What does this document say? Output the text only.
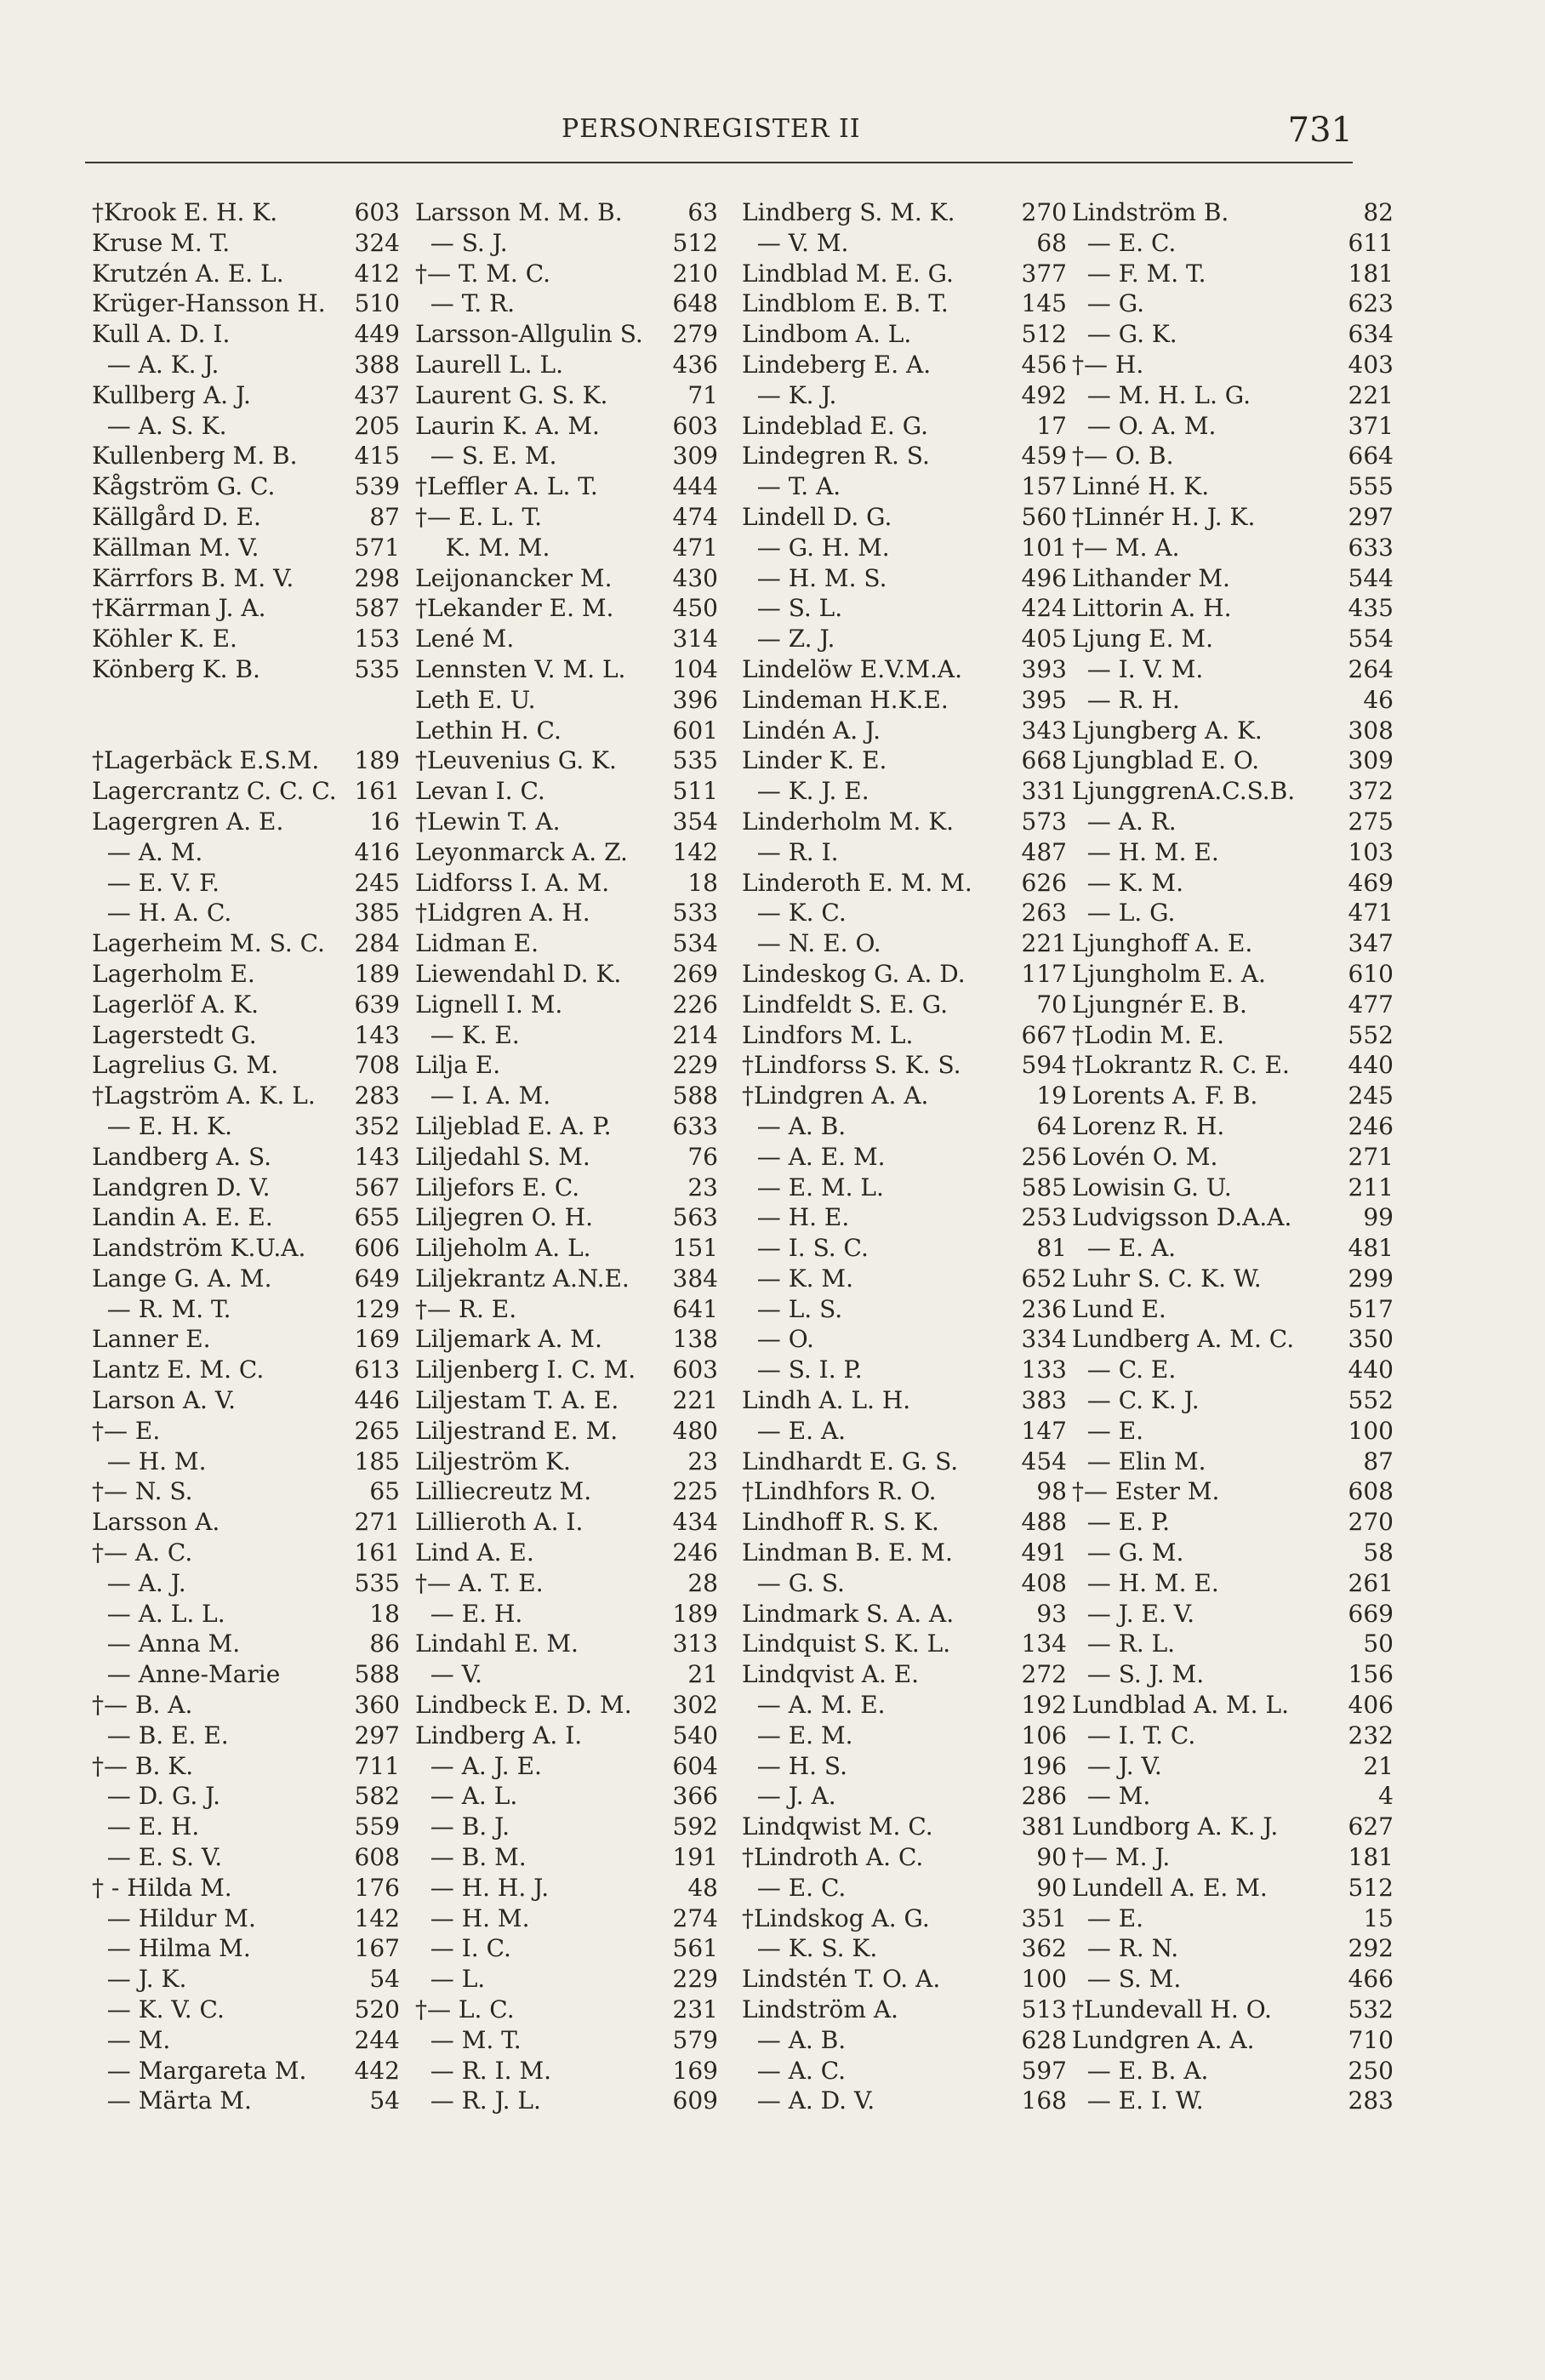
PERSONREGISTER II	731
†Krook E. H. K.	603
Kruse M. T.	324
Krutzén A. E. L.	412
Krüger-Hansson H. 510
Kull A. D. I.	449
— A. K. J.	388
Kullberg A. J.	437
— A. S. K.	205
Kullenberg M. B. 415
Kågström G. C.	539
Källgård D. E.	87
Källman M. V.	571
Kärrfors B. M. V.	298
†Kärrman J. A.	587
Köhler K. E.	153
Könberg K. B.	535
†Lagerbäck E.S.M. 189
Lagercrantz C. C. C. 161
Lagergren A. E.	16
— A. M.	416
— E. V. F.	245
— H. A. C.	385
Lagerheim M. S. C. 284
Lagerholm E.	189
Lagerlöf A. K.	639
Lagerstedt G.	143
Lagrelius G. M.	708
†Lagström A. K. L. 283
— E. H. K.	352
Landberg A. S.	143
Landgren D. V.	567
Landin A. E. E.	655
Landström K.U.A. 606
Lange G. A. M.	649
— R. M. T.	129
Lanner E.	169
Lantz E. M. C.	613
Larson A. V.	446
†— E.	265
— H. M.	185
†— N. S.	65
Larsson A.	271
†— A. C.	161
— A. J.	535
— A. L. L.	18
— Anna M.	86
— Anne-Marie	588
†— B. A.	360
— B. E. E.	297
†— B. K.	711
— D. G. J.	582
— E. H.	559
— E. S. V.	608
† - Hilda M.	176
— Hildur M.	142
— Hilma M.	167
— J. K.	54
— K. V. C.	520
— M.	244
— Margareta M. 442
— Märta M.	54
Larsson M. M. B.	63
— S. J.	512
†— T. M. C.	210
— T. R.	648
Larsson-Allgulin S. 279
Laurell L. L.	436
Laurent G. S. K.	71
Laurin K. A. M.	603
— S. E. M.	309
†Leffler A. L. T.	444
†— E. L. T.	474
K. M. M.	471
Leijonancker M.	430
†Lekander E. M. 450
Lené M.	314
Lennsten V. M. L. 104
Leth E. U.	396
Lethin H. C.	601
†Leuvenius G. K. 535
Levan I. C.	511
†Lewin T. A.	354
Leyonmarck A. Z. 142
Lidforss I. A. M.	18
†Lidgren A. H.	533
Lidman E.	534
Liewendahl D. K. 269
Lignell I. M.	226
— K. E.	214
Lilja E.	229
— I. A. M.	588
Liljeblad E. A. P.	633
Liljedahl S. M.	76
Liljefors E. C.	23
Liljegren O. H.	563
Liljeholm A. L.	151
Liljekrantz A.N.E. 384
†— R. E.	641
Liljemark A. M.	138
Liljenberg I. C. M. 603
Liljestam T. A. E. 221
Liljestrand E. M. 480
Liljeström K.	23
Lilliecreutz M.	225
Lillieroth A. I.	434
Lind A. E.	246
†— A. T. E.	28
— E. H.	189
Lindahl E. M.	313
— V.	21
Lindbeck E. D. M. 302
Lindberg A. I.	540
— A. J. E.	604
— A. L.	366
— B. J.	592
— B. M.	191
— H. H. J.	48
— H. M.	274
— I. C.	561
— L.	229
†— L. C.	231
— M. T.	579
— R. I. M.	169
— R. J. L.	609
Lindberg S. M. K.	270
— V. M.	68
Lindblad M. E. G.	377
Lindblom E. B. T.	145
Lindbom A. L.	512
Lindeberg E. A.	456
— K. J.	492
Lindeblad E. G.	17
Lindegren R. S.	459
— T. A.	157
Lindell D. G.	560
— G. H. M.	101
— H. M. S.	496
— S. L.	424
— Z. J.	405
Lindelöw E.V.M.A. 393
Lindeman H.K.E.	395
Lindén A. J.	343
Linder K. E.	668
— K. J. E.	331
Linderholm M. K.	573
— R. I.	487
Linderoth E. M. M. 626
— K. C.	263
— N. E. O.	221
Lindeskog G. A. D. 117
Lindfeldt S. E. G.	70
Lindfors M. L.	667
†Lindforss S. K. S.	594
†Lindgren A. A.	19
— A. B.	64
— A. E. M.	256
— E. M. L.	585
— H. E.	253
— I. S. C.	81
— K. M.	652
— L. S.	236
— O.	334
— S. I. P.	133
Lindh A. L. H.	383
— E. A.	147
Lindhardt E. G. S.	454
†Lindhfors R. O.	98
Lindhoff R. S. K.	488
Lindman B. E. M.	491
— G. S.	408
Lindmark S. A. A.	93
Lindquist S. K. L.	134
Lindqvist A. E.	272
— A. M. E.	192
— E. M.	106
— H. S.	196
— J. A.	286
Lindqwist M. C.	381
†Lindroth A. C.	90
— E. C.	90
†Lindskog A. G.	351
— K. S. K.	362
Lindstén T. O. A.	100
Lindström A.	513
— A. B.	628
— A. C.	597
— A. D. V.	168
Lindström B.	82
— E. C.	611
— F. M. T.	181
— G.	623
— G. K.	634
†— H.	403
— M. H. L. G.	221
— O. A. M.	371
†— O. B.	664
Linné H. K.	555
†Linnér H. J. K.	297
†— M. A.	633
Lithander M.	544
Littorin A. H.	435
Ljung E. M.	554
— I. V. M.	264
— R. H.	46
Ljungberg A. K.	308
Ljungblad E. O.	309
LjunggrenA.C.S.B. 372
— A. R.	275
— H. M. E.	103
— K. M.	469
— L. G.	471
Ljunghoff A. E.	347
Ljungholm E. A.	610
Ljungnér E. B.	477
†Lodin M. E.	552
†Lokrantz R. C. E. 440
Lorents A. F. B.	245
Lorenz R. H.	246
Lovén O. M.	271
Lowisin G. U.	211
Ludvigsson D.A.A.	99
— E. A.	481
Luhr S. C. K. W.	299
Lund E.	517
Lundberg A. M. C. 350
— C. E.	440
— C. K. J.	552
— E.	100
— Elin M.	87
†— Ester M.	608
— E. P.	270
— G. M.	58
— H. M. E.	261
— J. E. V.	669
— R. L.	50
— S. J. M.	156
Lundblad A. M. L. 406
— I. T. C.	232
— J. V.	21
— M.	4
Lundborg A. K. J.	627
†— M. J.	181
Lundell A. E. M.	512
— E.	15
— R. N.	292
— S. M.	466
†Lundevall H. O.	532
Lundgren A. A.	710
— E. B. A.	250
— E. I. W.	283
